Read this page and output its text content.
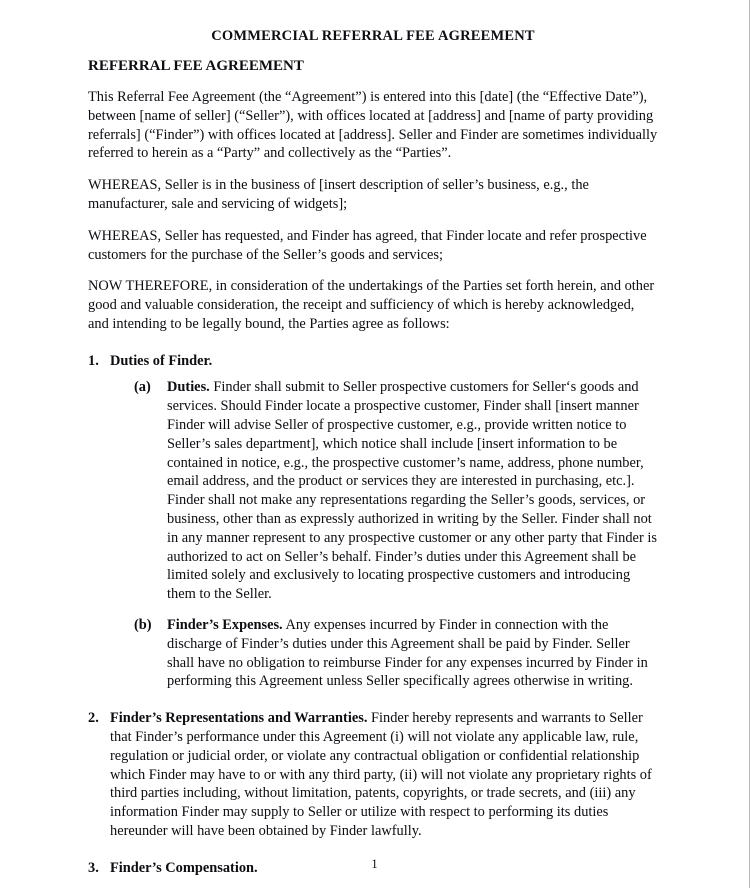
COMMERCIAL REFERRAL FEE AGREEMENT
REFERRAL FEE AGREEMENT

This Referral Fee Agreement (the “Agreement”) is entered into this [date] (the “Effective Date”), between [name of seller] (“Seller”), with offices located at [address] and [name of party providing referrals] (“Finder”) with offices located at [address]. Seller and Finder are sometimes individually referred to herein as a “Party” and collectively as the “Parties”.

WHEREAS, Seller is in the business of [insert description of seller’s business, e.g., the manufacturer, sale and servicing of widgets];

WHEREAS, Seller has requested, and Finder has agreed, that Finder locate and refer prospective customers for the purchase of the Seller’s goods and services;

NOW THEREFORE, in consideration of the undertakings of the Parties set forth herein, and other good and valuable consideration, the receipt and sufficiency of which is hereby acknowledged, and intending to be legally bound, the Parties agree as follows:

1. Duties of Finder.
(a) Duties. Finder shall submit to Seller prospective customers for Seller‘s goods and services. Should Finder locate a prospective customer, Finder shall [insert manner Finder will advise Seller of prospective customer, e.g., provide written notice to Seller’s sales department], which notice shall include [insert information to be contained in notice, e.g., the prospective customer’s name, address, phone number, email address, and the product or services they are interested in purchasing, etc.]. Finder shall not make any representations regarding the Seller’s goods, services, or business, other than as expressly authorized in writing by the Seller. Finder shall not in any manner represent to any prospective customer or any other party that Finder is authorized to act on Seller’s behalf. Finder’s duties under this Agreement shall be limited solely and exclusively to locating prospective customers and introducing them to the Seller.
(b) Finder’s Expenses. Any expenses incurred by Finder in connection with the discharge of Finder’s duties under this Agreement shall be paid by Finder. Seller shall have no obligation to reimburse Finder for any expenses incurred by Finder in performing this Agreement unless Seller specifically agrees otherwise in writing.
2. Finder’s Representations and Warranties. Finder hereby represents and warrants to Seller that Finder’s performance under this Agreement (i) will not violate any applicable law, rule, regulation or judicial order, or violate any contractual obligation or confidential relationship which Finder may have to or with any third party, (ii) will not violate any proprietary rights of third parties including, without limitation, patents, copyrights, or trade secrets, and (iii) any information Finder may supply to Seller or utilize with respect to performing its duties hereunder will have been obtained by Finder lawfully.
3. Finder’s Compensation.	1
